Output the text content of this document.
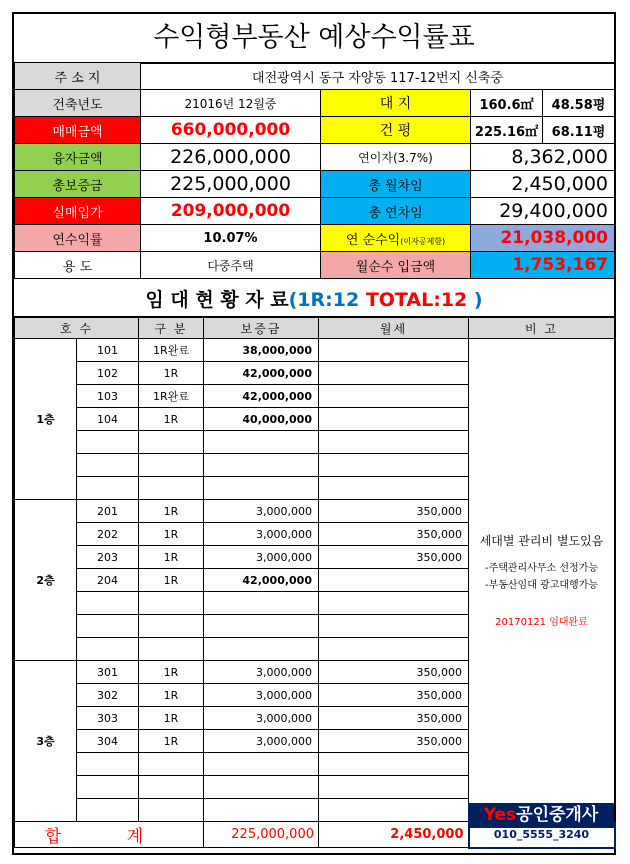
수익형부동산 예상수익률표
주 소 지	대전광역시 동구 자양동 117-12번지 신축중			
건축년도	21016년 12월중	대 지	160.6㎡	48.58평
매매금액	660,000,000	건 평	225.16㎡	68.11평
융자금액	226,000,000	연이자(3.7%)	8,362,000	
총보증금	225,000,000	총 월차임	2,450,000	
실매입가	209,000,000	총 연차임	29,400,000	
연수익률	10.07%	연 순수익(이자공제함)	21,038,000	
용 도	다중주택	월순수 입금액	1,753,167	
임 대 현 황 자 료(1R:12 TOTAL:12 )
호 수		구 분	보증금	월세	비 고
1층	101	1R완료	38,000,000		세대별 관리비 별도있음
-주택관리사무소 선정가능
-부동산임대 광고대행가능
20170121 임대완료

	102	1R	42,000,000		
	103	1R완료	42,000,000		
	104	1R	40,000,000		

2층	201	1R	3,000,000	350,000	
	202	1R	3,000,000	350,000	
	203	1R	3,000,000	350,000	
	204	1R	42,000,000		

3층	301	1R	3,000,000	350,000	
	302	1R	3,000,000	350,000	
	303	1R	3,000,000	350,000	
	304	1R	3,000,000	350,000	

합 계			225,000,000	2,450,000	010_5555_3240
Yes공인중개사
